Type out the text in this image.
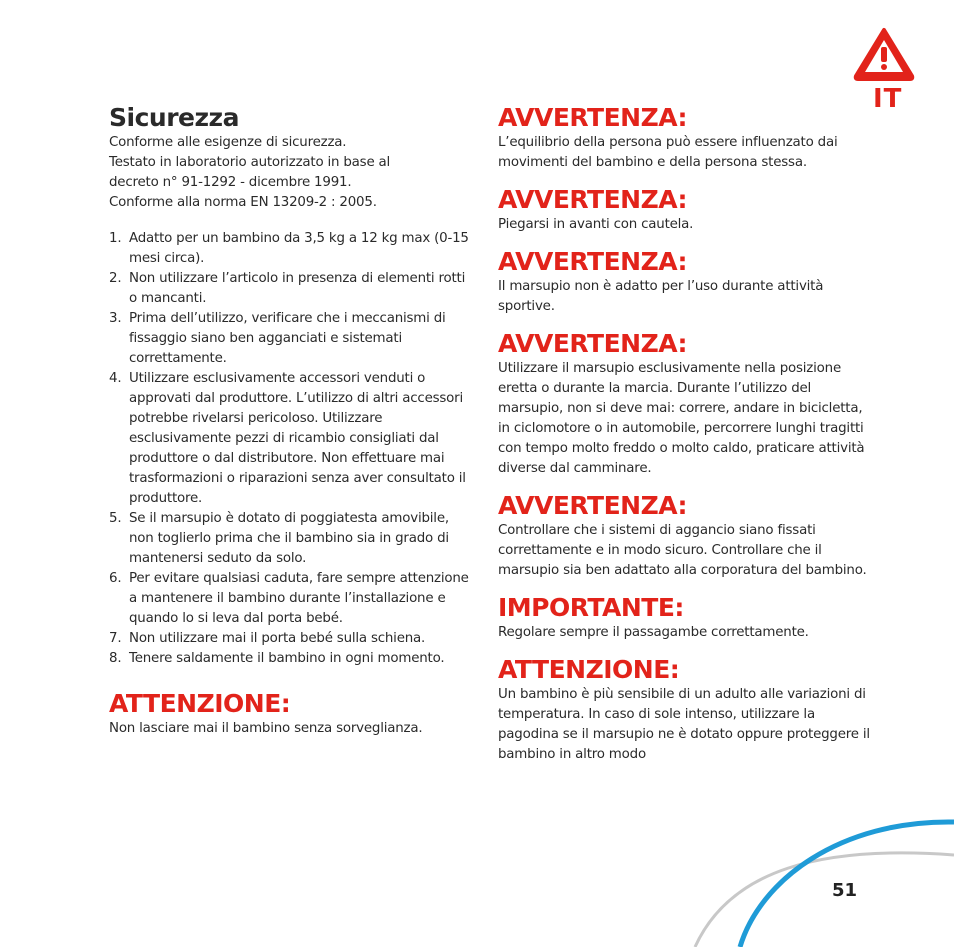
IT
Sicurezza

Conforme alle esigenze di sicurezza.

Testato in laboratorio autorizzato in base al

decreto n° 91-1292 - dicembre 1991.

Conforme alla norma EN 13209-2 : 2005.

1. Adatto per un bambino da 3,5 kg a 12 kg max (0-15 mesi circa).
2. Non utilizzare l’articolo in presenza di elementi rotti o mancanti.
3. Prima dell’utilizzo, verificare che i meccanismi di fissaggio siano ben agganciati e sistemati correttamente.
4. Utilizzare esclusivamente accessori venduti o approvati dal produttore. L’utilizzo di altri accessori potrebbe rivelarsi pericoloso. Utilizzare esclusivamente pezzi di ricambio consigliati dal produttore o dal distributore. Non effettuare mai trasformazioni o riparazioni senza aver consultato il produttore.
5. Se il marsupio è dotato di poggiatesta amovibile, non toglierlo prima che il bambino sia in grado di mantenersi seduto da solo.
6. Per evitare qualsiasi caduta, fare sempre attenzione a mantenere il bambino durante l’installazione e quando lo si leva dal porta bebé.
7. Non utilizzare mai il porta bebé sulla schiena.
8. Tenere saldamente il bambino in ogni momento.
ATTENZIONE:

Non lasciare mai il bambino senza sorveglianza.

AVVERTENZA:

L’equilibrio della persona può essere influenzato dai movimenti del bambino e della persona stessa.

AVVERTENZA:

Piegarsi in avanti con cautela.

AVVERTENZA:

Il marsupio non è adatto per l’uso durante attività sportive.

AVVERTENZA:

Utilizzare il marsupio esclusivamente nella posizione eretta o durante la marcia. Durante l’utilizzo del marsupio, non si deve mai: correre, andare in bicicletta, in ciclomotore o in automobile, percorrere lunghi tragitti con tempo molto freddo o molto caldo, praticare attività diverse dal camminare.

AVVERTENZA:

Controllare che i sistemi di aggancio siano fissati correttamente e in modo sicuro. Controllare che il marsupio sia ben adattato alla corporatura del bambino.

IMPORTANTE:

Regolare sempre il passagambe correttamente.

ATTENZIONE:

Un bambino è più sensibile di un adulto alle variazioni di temperatura. In caso di sole intenso, utilizzare la pagodina se il marsupio ne è dotato oppure proteggere il bambino in altro modo

51
